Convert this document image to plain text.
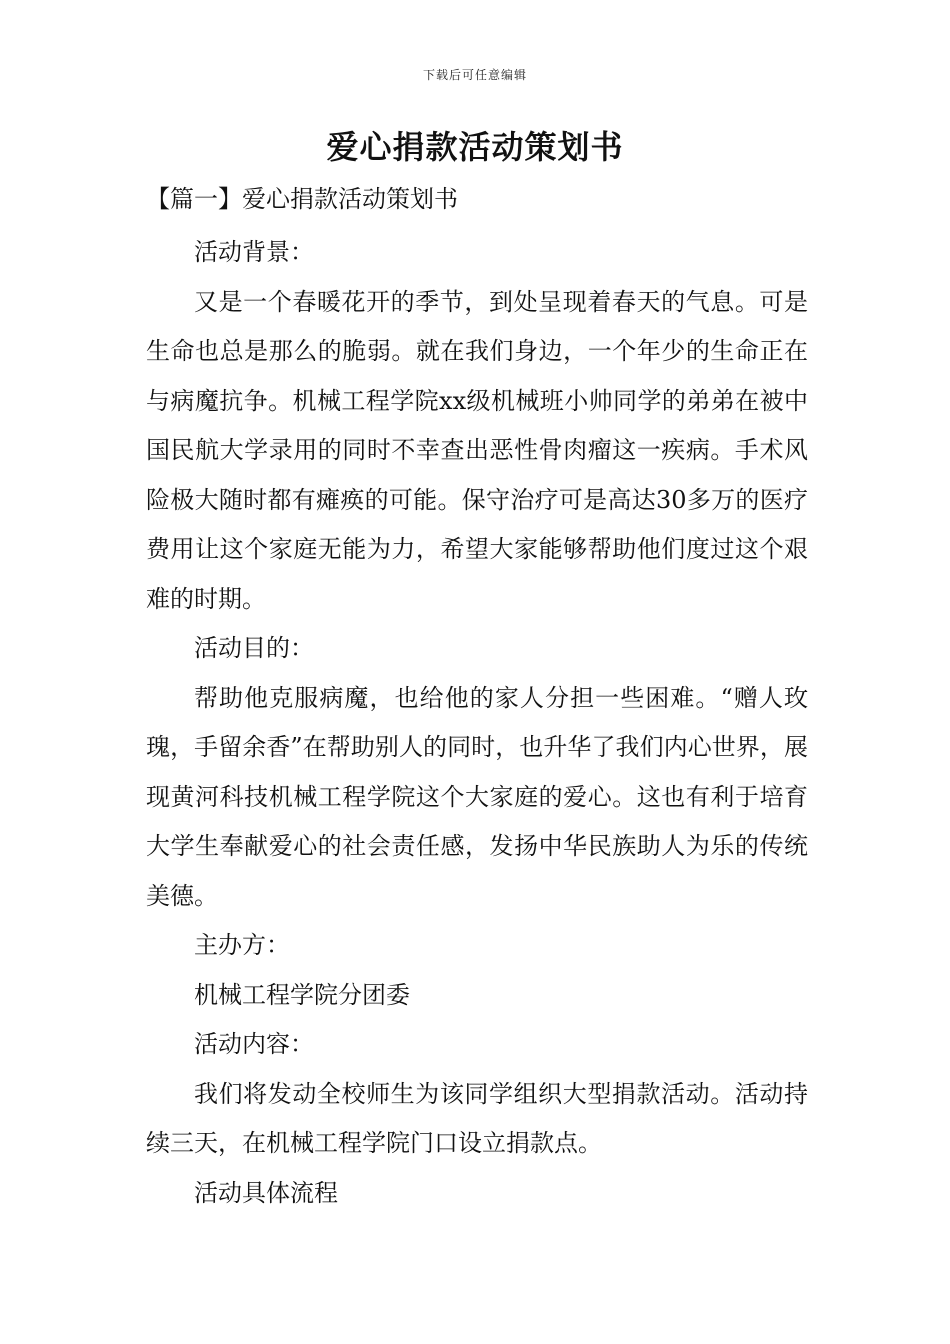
下载后可任意编辑
爱心捐款活动策划书
【篇一】爱心捐款活动策划书

活动背景：

又是一个春暖花开的季节，到处呈现着春天的气息。可是生命也总是那么的脆弱。就在我们身边，一个年少的生命正在与病魔抗争。机械工程学院xx级机械班小帅同学的弟弟在被中国民航大学录用的同时不幸查出恶性骨肉瘤这一疾病。手术风险极大随时都有瘫痪的可能。保守治疗可是高达30多万的医疗费用让这个家庭无能为力，希望大家能够帮助他们度过这个艰难的时期。

活动目的：

帮助他克服病魔，也给他的家人分担一些困难。“赠人玫瑰，手留余香”在帮助别人的同时，也升华了我们内心世界，展现黄河科技机械工程学院这个大家庭的爱心。这也有利于培育大学生奉献爱心的社会责任感，发扬中华民族助人为乐的传统美德。

主办方：

机械工程学院分团委

活动内容：

我们将发动全校师生为该同学组织大型捐款活动。活动持续三天，在机械工程学院门口设立捐款点。

活动具体流程
